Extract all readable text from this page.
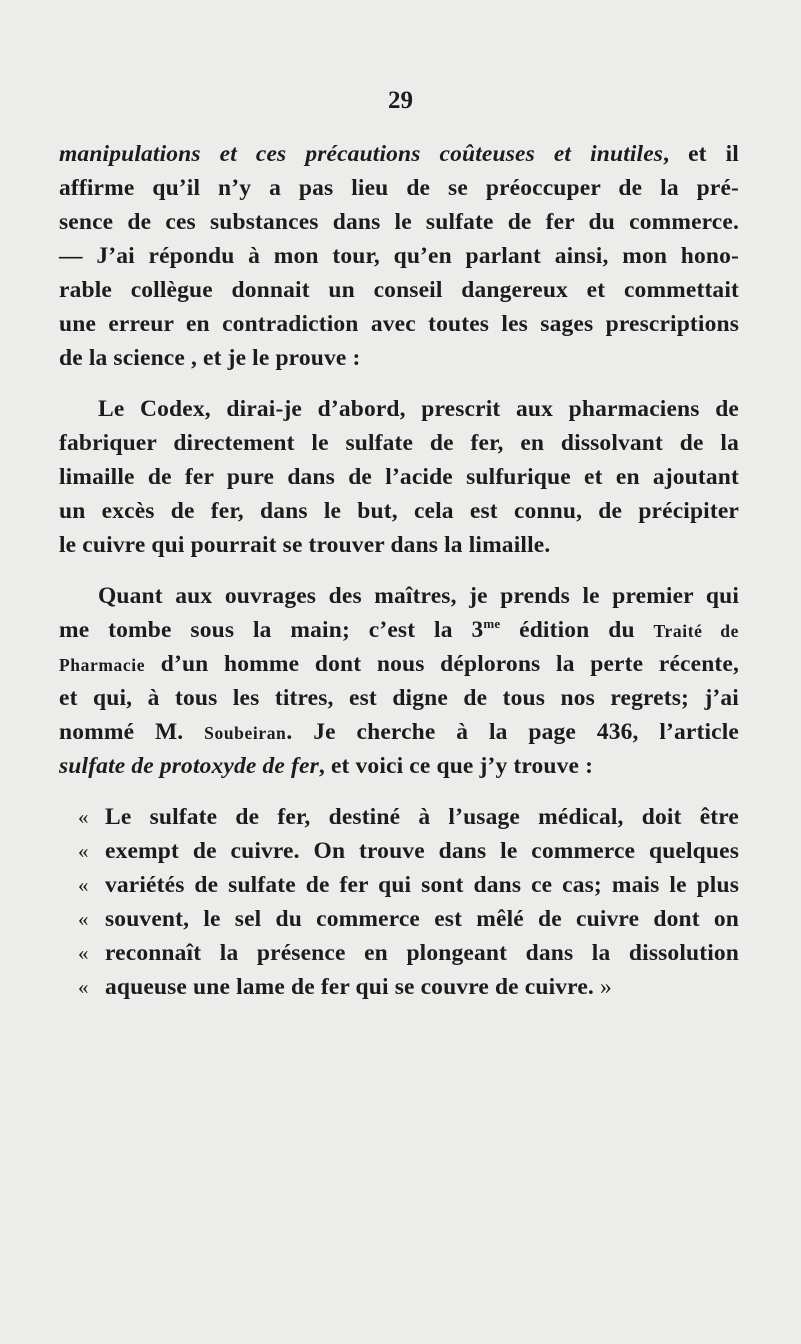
29
manipulations et ces précautions coûteuses et inutiles, et il
affirme qu’il n’y a pas lieu de se préoccuper de la pré-
sence de ces substances dans le sulfate de fer du commerce.
— J’ai répondu à mon tour, qu’en parlant ainsi, mon hono-
rable collègue donnait un conseil dangereux et commettait
une erreur en contradiction avec toutes les sages prescriptions
de la science , et je le prouve :
Le Codex, dirai-je d’abord, prescrit aux pharmaciens de
fabriquer directement le sulfate de fer, en dissolvant de la
limaille de fer pure dans de l’acide sulfurique et en ajoutant
un excès de fer, dans le but, cela est connu, de précipiter
le cuivre qui pourrait se trouver dans la limaille.
Quant aux ouvrages des maîtres, je prends le premier qui
me tombe sous la main; c’est la $3^{me}$ édition du Traité de
Pharmacie d’un homme dont nous déplorons la perte récente,
et qui, à tous les titres, est digne de tous nos regrets; j’ai
nommé M. Soubeiran. Je cherche à la page 436, l’article
sulfate de protoxyde de fer, et voici ce que j’y trouve :
« Le sulfate de fer, destiné à l’usage médical, doit être
« exempt de cuivre. On trouve dans le commerce quelques
« variétés de sulfate de fer qui sont dans ce cas; mais le plus
« souvent, le sel du commerce est mêlé de cuivre dont on
« reconnaît la présence en plongeant dans la dissolution
« aqueuse une lame de fer qui se couvre de cuivre. »
